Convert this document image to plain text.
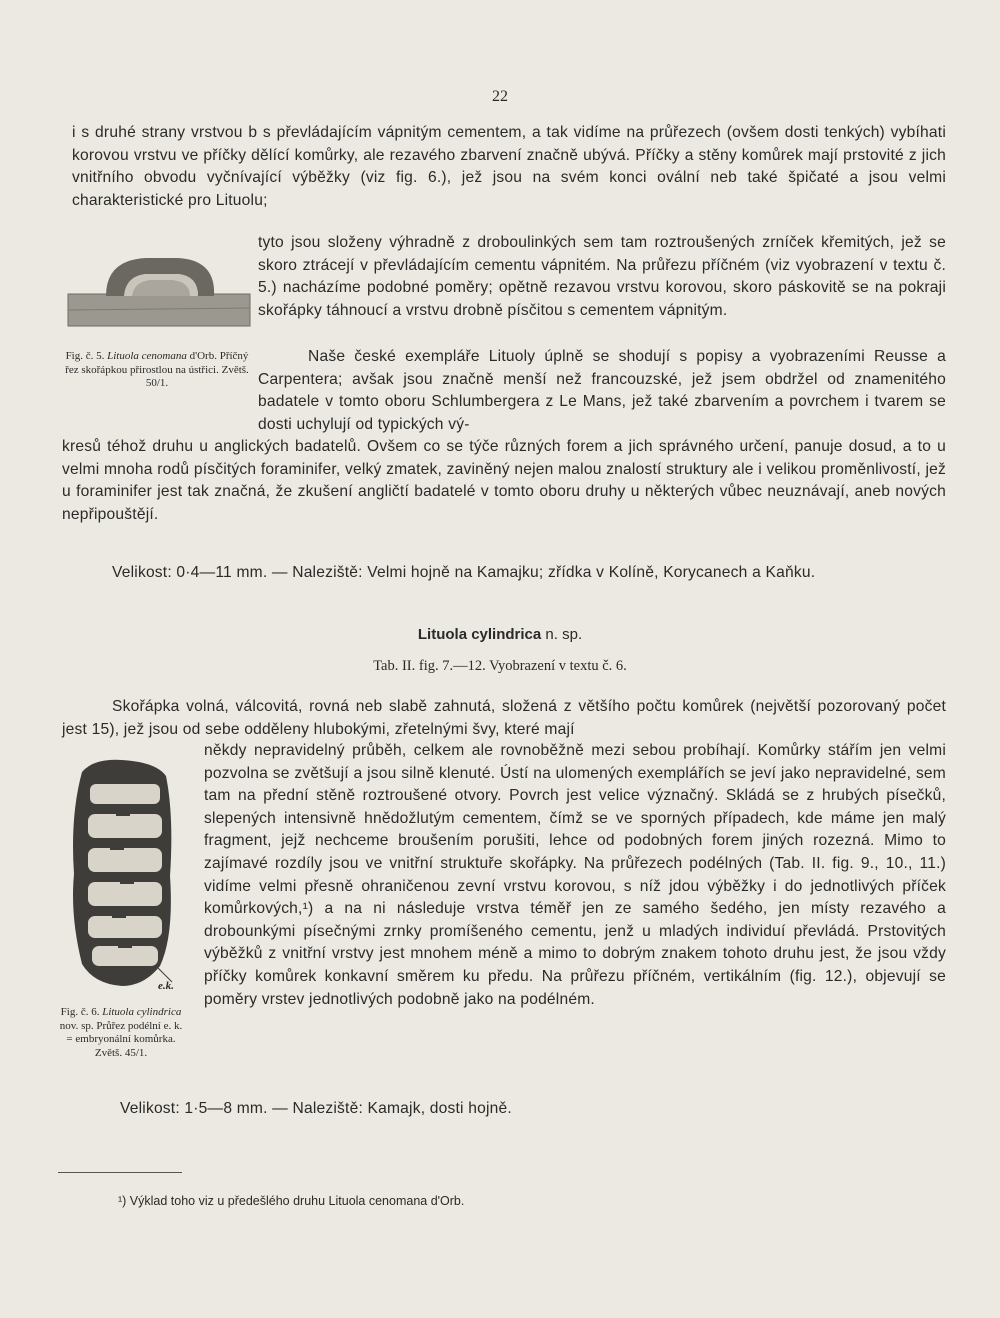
22

i s druhé strany vrstvou b s převládajícím vápnitým cementem, a tak vidíme na průřezech (ovšem dosti tenkých) vybíhati korovou vrstvu ve příčky dělící komůrky, ale rezavého zbarvení značně ubývá. Příčky a stěny komůrek mají prstovité z jich vnitřního obvodu vyčnívající výběžky (viz fig. 6.), jež jsou na svém konci ovální neb také špičaté a jsou velmi charakteristické pro Lituolu;

Fig. č. 5. Lituola cenomana d'Orb. Příčný řez skořápkou přirostlou na ústřici. Zvětš. 50/1.

tyto jsou složeny výhradně z droboulinkých sem tam roztroušených zrníček křemitých, jež se skoro ztrácejí v převládajícím cementu vápnitém. Na průřezu příčném (viz vyobrazení v textu č. 5.) nacházíme podobné poměry; opětně rezavou vrstvu korovou, skoro páskovitě se na pokraji skořápky táhnoucí a vrstvu drobně písčitou s cementem vápnitým.

Naše české exempláře Lituoly úplně se shodují s popisy a vyobrazeními Reusse a Carpentera; avšak jsou značně menší než francouzské, jež jsem obdržel od znamenitého badatele v tomto oboru Schlumbergera z Le Mans, jež také zbarvením a povrchem i tvarem se dosti uchylují od typických vý-

kresů téhož druhu u anglických badatelů. Ovšem co se týče různých forem a jich správného určení, panuje dosud, a to u velmi mnoha rodů písčitých foraminifer, velký zmatek, zaviněný nejen malou znalostí struktury ale i velikou proměnlivostí, jež u foraminifer jest tak značná, že zkušení angličtí badatelé v tomto oboru druhy u některých vůbec neuznávají, aneb nových nepřipouštějí.

Velikost: 0·4—11 mm. — Naleziště: Velmi hojně na Kamajku; zřídka v Kolíně, Korycanech a Kaňku.

Lituola cylindrica n. sp.
Tab. II. fig. 7.—12. Vyobrazení v textu č. 6.

Skořápka volná, válcovitá, rovná neb slabě zahnutá, složená z většího počtu komůrek (největší pozorovaný počet jest 15), jež jsou od sebe odděleny hlubokými, zřetelnými švy, které mají

někdy nepravidelný průběh, celkem ale rovnoběžně mezi sebou probíhají. Komůrky stářím jen velmi pozvolna se zvětšují a jsou silně klenuté. Ústí na ulomených exemplářích se jeví jako nepravidelné, sem tam na přední stěně roztroušené otvory. Povrch jest velice význačný. Skládá se z hrubých písečků, slepených intensivně hnědožlutým cementem, čímž se ve sporných případech, kde máme jen malý fragment, jejž nechceme broušením porušiti, lehce od podobných forem jiných rozezná. Mimo to zajímavé rozdíly jsou ve vnitřní struktuře skořápky. Na průřezech podélných (Tab. II. fig. 9., 10., 11.) vidíme velmi přesně ohraničenou zevní vrstvu korovou, s níž jdou výběžky i do jednotlivých příček komůrkových,¹) a na ni následuje vrstva téměř jen ze samého šedého, jen místy rezavého a drobounkými písečnými zrnky promíšeného cementu, jenž u mladých individuí převládá. Prstovitých výběžků z vnitřní vrstvy jest mnohem méně a mimo to dobrým znakem tohoto druhu jest, že jsou vždy příčky komůrek konkavní směrem ku předu. Na průřezu příčném, vertikálním (fig. 12.), objevují se poměry vrstev jednotlivých podobně jako na podélném.

e.k.

Fig. č. 6. Lituola cylindrica nov. sp. Průřez podélní e. k. = embryonální komůrka. Zvětš. 45/1.

Velikost: 1·5—8 mm. — Naleziště: Kamajk, dosti hojně.

¹) Výklad toho viz u předešlého druhu Lituola cenomana d'Orb.
